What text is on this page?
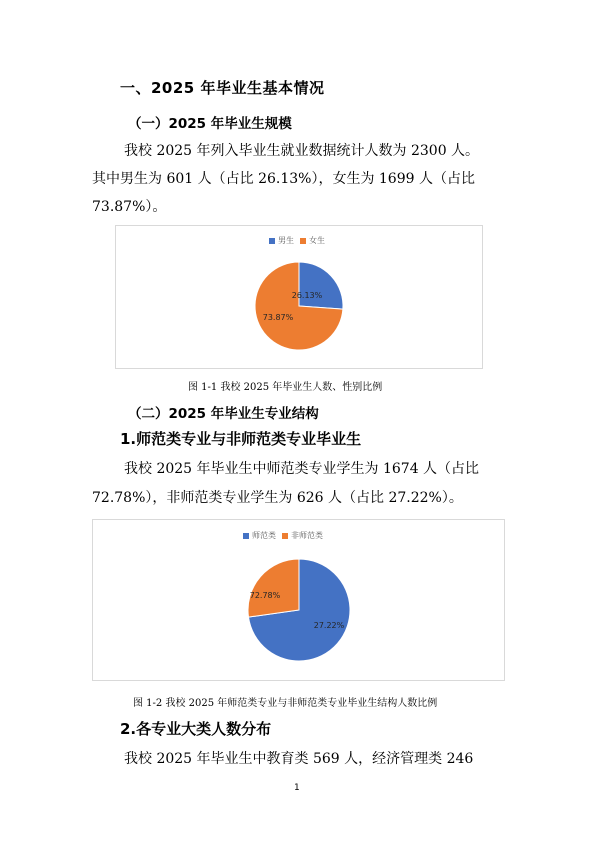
一、2025 年毕业生基本情况
（一）2025 年毕业生规模
我校 2025 年列入毕业生就业数据统计人数为 2300 人。
其中男生为 601 人（占比 26.13%），女生为 1699 人（占比
73.87%）。
男生 女生
26.13%
73.87%
图 1-1 我校 2025 年毕业生人数、性别比例
（二）2025 年毕业生专业结构
1.师范类专业与非师范类专业毕业生
我校 2025 年毕业生中师范类专业学生为 1674 人（占比
72.78%），非师范类专业学生为 626 人（占比 27.22%）。
师范类 非师范类
27.22%
72.78%
图 1-2 我校 2025 年师范类专业与非师范类专业毕业生结构人数比例
2.各专业大类人数分布
我校 2025 年毕业生中教育类 569 人，经济管理类 246
1
